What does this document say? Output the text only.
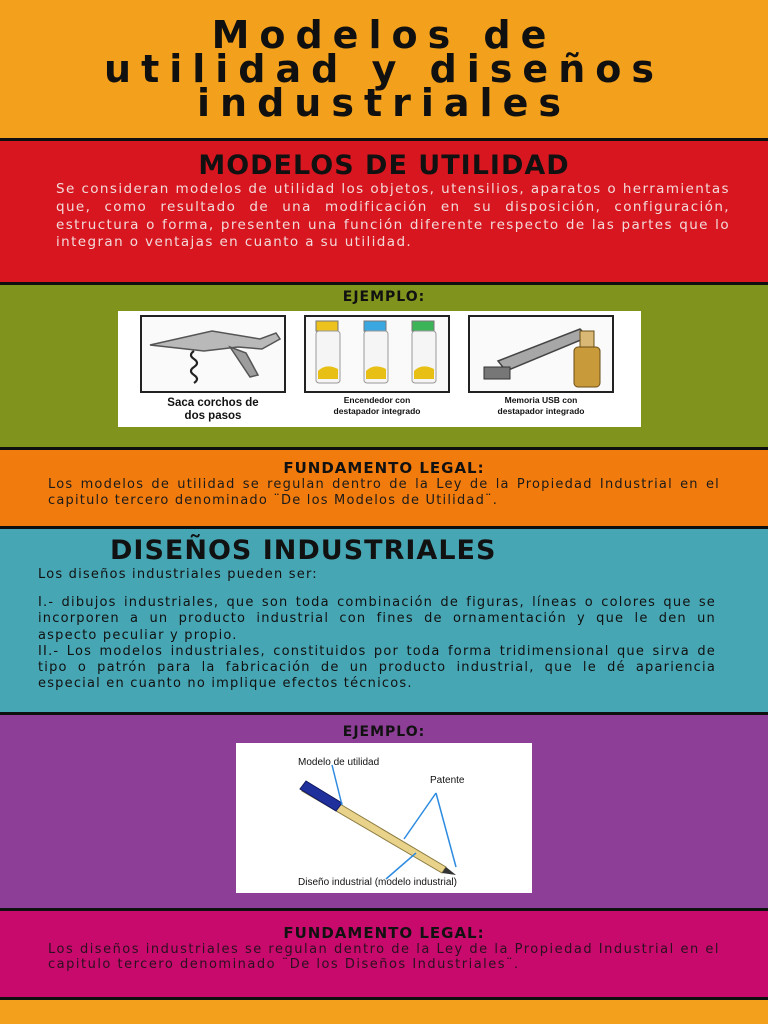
Modelos de
utilidad y diseños
industriales
MODELOS DE UTILIDAD

Se consideran modelos de utilidad los objetos, utensilios, aparatos o herramientas que, como resultado de una modificación en su disposición, configuración, estructura o forma, presenten una función diferente respecto de las partes que lo integran o ventajas en cuanto a su utilidad.

EJEMPLO:
Saca corchos de
dos pasos
Encendedor con
destapador integrado
Memoria USB con
destapador integrado
FUNDAMENTO LEGAL:

Los modelos de utilidad se regulan dentro de la Ley de la Propiedad Industrial en el capitulo tercero denominado ¨De los Modelos de Utilidad¨.

DISEÑOS INDUSTRIALES

Los diseños industriales pueden ser:

I.- dibujos industriales, que son toda combinación de figuras, líneas o colores que se incorporen a un producto industrial con fines de ornamentación y que le den un aspecto peculiar y propio.

II.- Los modelos industriales, constituidos por toda forma tridimensional que sirva de tipo o patrón para la fabricación de un producto industrial, que le dé apariencia especial en cuanto no implique efectos técnicos.

EJEMPLO:
Modelo de utilidad
Patente
Diseño industrial (modelo industrial)
FUNDAMENTO LEGAL:

Los diseños industriales se regulan dentro de la Ley de la Propiedad Industrial en el capitulo tercero denominado ¨De los Diseños Industriales¨.
